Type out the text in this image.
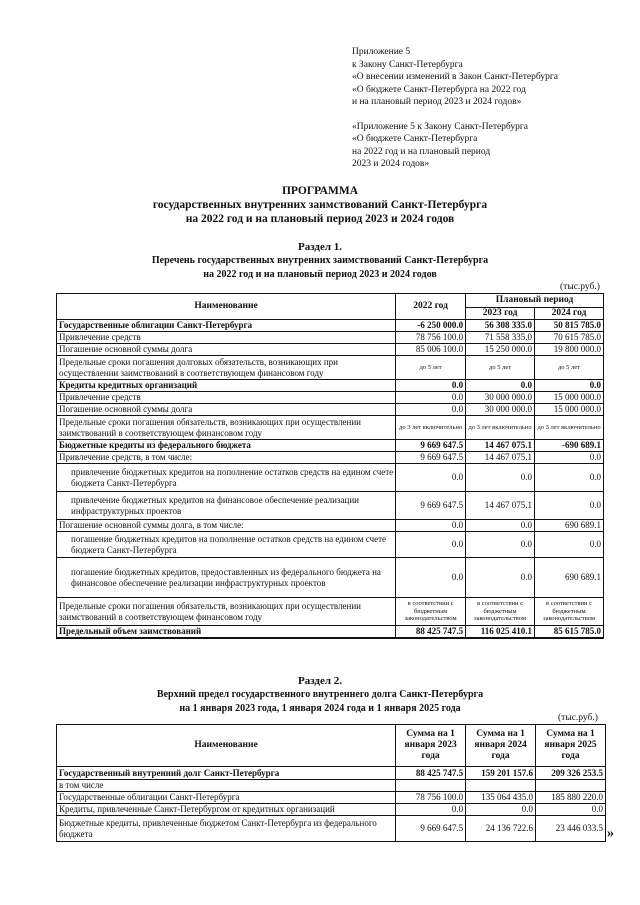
Приложение 5
к Закону Санкт-Петербурга
«О внесении изменений в Закон Санкт-Петербурга
«О бюджете Санкт-Петербурга на 2022 год
и на плановый период 2023 и 2024 годов»
«Приложение 5 к Закону Санкт-Петербурга
«О бюджете Санкт-Петербурга
на 2022 год и на плановый период
2023 и 2024 годов»
ПРОГРАММА
государственных внутренних заимствований Санкт-Петербурга
на 2022 год и на плановый период 2023 и 2024 годов
Раздел 1.
Перечень государственных внутренних заимствований Санкт-Петербурга
на 2022 год и на плановый период 2023 и 2024 годов
(тыс.руб.)
Наименование	2022 год	Плановый период	
		2023 год	2024 год
Государственные облигации Санкт-Петербурга	-6 250 000.0	56 308 335.0	50 815 785.0
Привлечение средств	78 756 100.0	71 558 335.0	70 615 785.0
Погашение основной суммы долга	85 006 100.0	15 250 000.0	19 800 000.0
Предельные сроки погашения долговых обязательств, возникающих при осуществлении заимствований в соответствующем финансовом году	до 5 лет	до 5 лет	до 5 лет
Кредиты кредитных организаций	0.0	0.0	0.0
Привлечение средств	0.0	30 000 000.0	15 000 000.0
Погашение основной суммы долга	0.0	30 000 000.0	15 000 000.0
Предельные сроки погашения обязательств, возникающих при осуществлении заимствований в соответствующем финансовом году	до 3 лет включительно	до 3 лет включительно	до 3 лет включительно
Бюджетные кредиты из федерального бюджета	9 669 647.5	14 467 075.1	-690 689.1
Привлечение средств, в том числе:	9 669 647.5	14 467 075.1	0.0
привлечение бюджетных кредитов на пополнение остатков средств на едином счете бюджета Санкт-Петербурга	0.0	0.0	0.0
привлечение бюджетных кредитов на финансовое обеспечение реализации инфраструктурных проектов	9 669 647.5	14 467 075.1	0.0
Погашение основной суммы долга, в том числе:	0.0	0.0	690 689.1
погашение бюджетных кредитов на пополнение остатков средств на едином счете бюджета Санкт-Петербурга	0.0	0.0	0.0
погашение бюджетных кредитов, предоставленных из федерального бюджета на финансовое обеспечение реализации инфраструктурных проектов	0.0	0.0	690 689.1
Предельные сроки погашения обязательств, возникающих при осуществлении заимствований в соответствующем финансовом году	в соответствии с бюджетным законодательством	в соответствии с бюджетным законодательством	в соответствии с бюджетным законодательством
Предельный объем заимствований	88 425 747.5	116 025 410.1	85 615 785.0
Раздел 2.
Верхний предел государственного внутреннего долга Санкт-Петербурга
на 1 января 2023 года, 1 января 2024 года и 1 января 2025 года
(тыс.руб.)
Наименование	Сумма на 1 января 2023 года	Сумма на 1 января 2024 года	Сумма на 1 января 2025 года
Государственный внутренний долг Санкт-Петербурга	88 425 747.5	159 201 157.6	209 326 253.5
в том числе			
Государственные облигации Санкт-Петербурга	78 756 100.0	135 064 435.0	185 880 220.0
Кредиты, привлеченные Санкт-Петербургом от кредитных организаций	0.0	0.0	0.0
Бюджетные кредиты, привлеченные бюджетом Санкт-Петербурга из федерального бюджета	9 669 647.5	24 136 722.6	23 446 033.5 »
